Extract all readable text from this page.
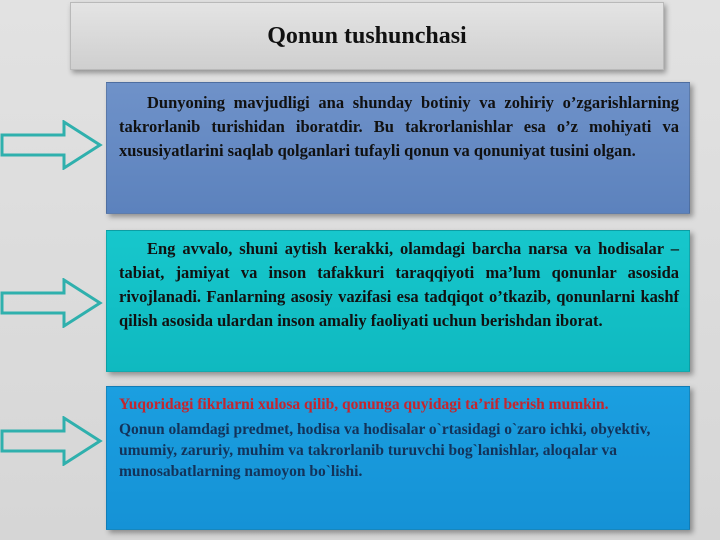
Qonun tushunchasi

Dunyoning mavjudligi ana shunday botiniy va zohiriy o’zgarishlarning takrorlanib turishidan iboratdir. Bu takrorlanishlar esa o’z mohiyati va xususiyatlarini saqlab qolganlari tufayli qonun va qonuniyat tusini olgan.

Eng avvalo, shuni aytish kerakki, olamdagi barcha narsa va hodisalar – tabiat, jamiyat va inson tafakkuri taraqqiyoti ma’lum qonunlar asosida rivojlanadi. Fanlarning asosiy vazifasi esa tadqiqot o’tkazib, qonunlarni kashf qilish asosida ulardan inson amaliy faoliyati uchun berishdan iborat.

Yuqoridagi fikrlarni xulosa qilib, qonunga quyidagi ta’rif berish mumkin.

Qonun olamdagi predmet, hodisa va hodisalar o`rtasidagi o`zaro ichki, obyektiv, umumiy, zaruriy, muhim va takrorlanib turuvchi bog`lanishlar, aloqalar va munosabatlarning namoyon bo`lishi.
